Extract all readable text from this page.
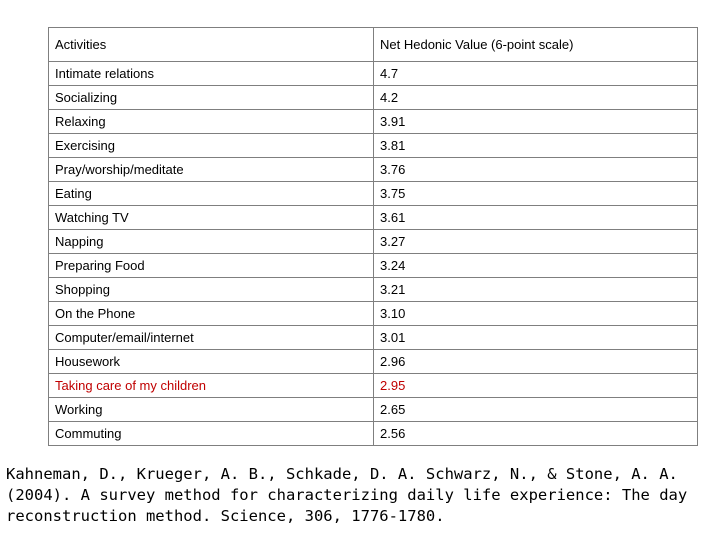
Activities	Net Hedonic Value (6-point scale)
Intimate relations	4.7
Socializing	4.2
Relaxing	3.91
Exercising	3.81
Pray/worship/meditate	3.76
Eating	3.75
Watching TV	3.61
Napping	3.27
Preparing Food	3.24
Shopping	3.21
On the Phone	3.10
Computer/email/internet	3.01
Housework	2.96
Taking care of my children	2.95
Working	2.65
Commuting	2.56

Kahneman, D., Krueger, A. B., Schkade, D. A. Schwarz, N., & Stone, A. A. (2004). A survey method for characterizing daily life experience: The day reconstruction method. Science, 306, 1776-1780.
